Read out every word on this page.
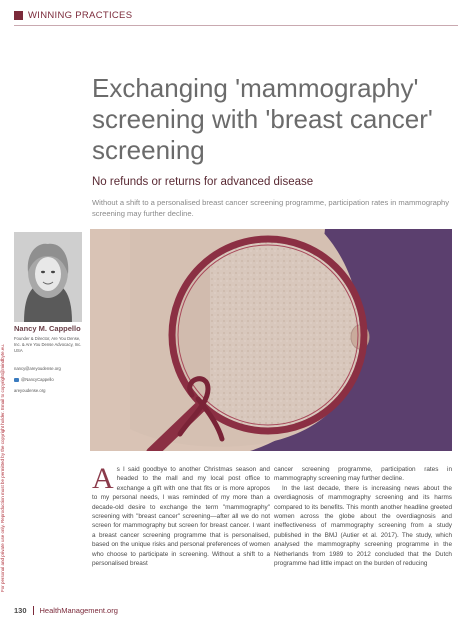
WINNING PRACTICES
Exchanging 'mammography' screening with 'breast cancer' screening
No refunds or returns for advanced disease
Without a shift to a personalised breast cancer screening programme, participation rates in mammography screening may further decline.
Nancy M. Cappello
Founder & Director, Are You Dense, Inc. & Are You Dense Advocacy, Inc. USA
nancy@areyoudense.org
@NancyCappello
areyoudense.org
For personal and private use only. Reproduction must be permitted by the copyright holder. Email to copyright@mindbyte.eu.	A s I said goodbye to another Christmas season and headed to the mall and my local post office to exchange a gift with one that fits or is more apropos to my personal needs, I was reminded of my more than a decade-old desire to exchange the term "mammography" screening with "breast cancer" screening—after all we do not screen for mammography but screen for breast cancer. I want a breast cancer screening programme that is personalised, based on the unique risks and personal preferences of women who choose to participate in screening. Without a shift to a personalised breast

cancer screening programme, participation rates in mammography screening may further decline.

In the last decade, there is increasing news about the overdiagnosis of mammography screening and its harms compared to its benefits. This month another headline greeted women across the globe about the overdiagnosis and ineffectiveness of mammography screening from a study published in the BMJ (Autier et al. 2017). The study, which analysed the mammography screening programme in the Netherlands from 1989 to 2012 concluded that the Dutch programme had little impact on the burden of reducing

130 HealthManagement.org
